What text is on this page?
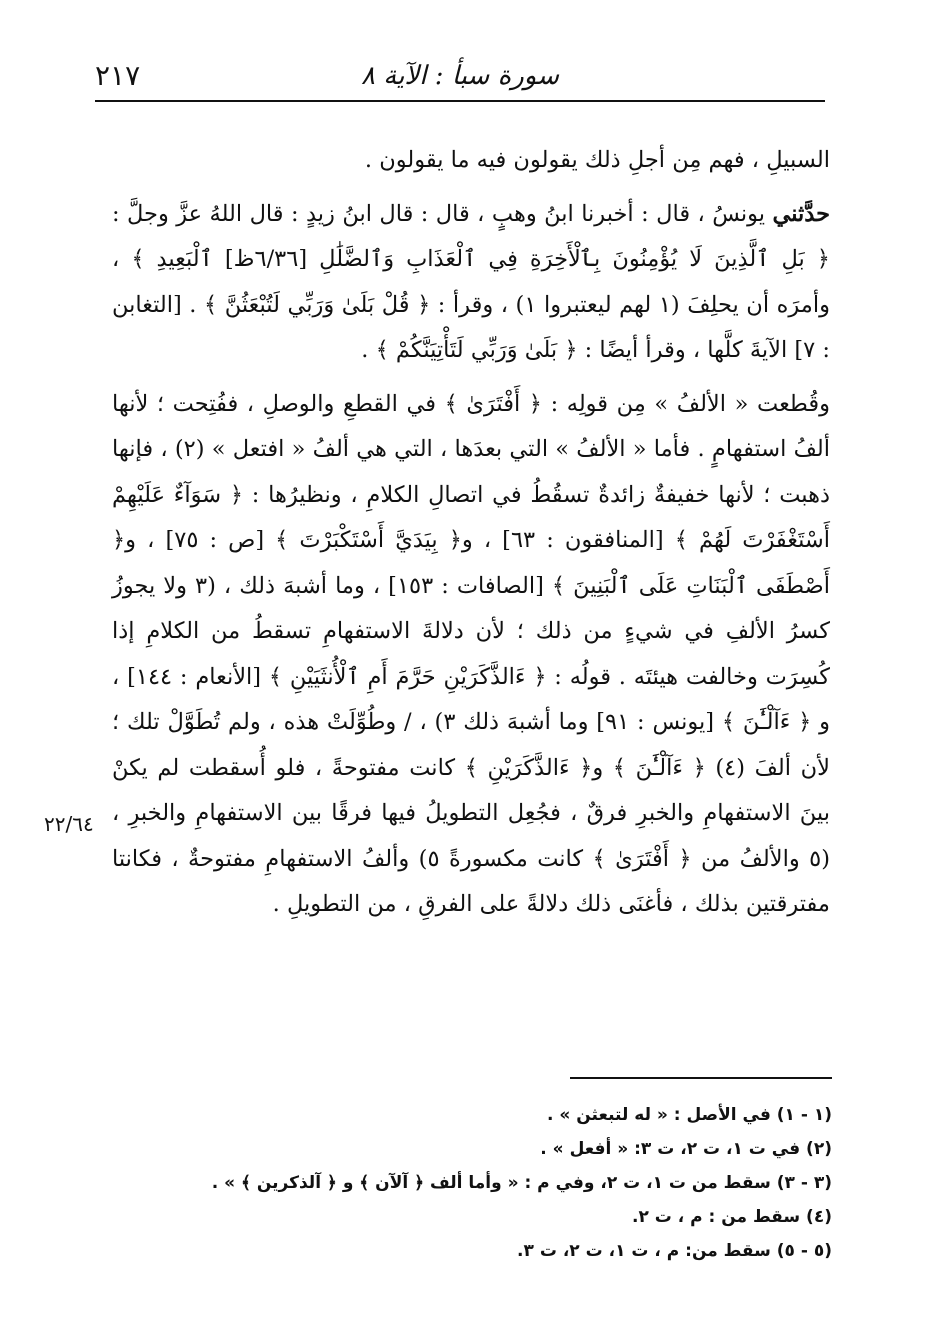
٢١٧	سورة سبأ : الآية ٨

السبيلِ ، فهم مِن أجلِ ذلك يقولون فيه ما يقولون .

حدَّثني يونسُ ، قال : أخبرنا ابنُ وهبٍ ، قال : قال ابنُ زيدٍ : قال اللهُ عزَّ وجلَّ : ﴿ بَلِ ٱلَّذِينَ لَا يُؤْمِنُونَ بِٱلْأَخِرَةِ فِي ٱلْعَذَابِ وَٱلضَّلَٰلِ [٦/٣٦ظ] ٱلْبَعِيدِ ﴾ ، وأمرَه أن يحلِفَ (١ لهم ليعتبروا ١) ، وقرأ : ﴿ قُلْ بَلَىٰ وَرَبِّي لَتُبْعَثُنَّ ﴾ . [التغابن : ٧] الآيةَ كلَّها ، وقرأ أيضًا : ﴿ بَلَىٰ وَرَبِّي لَتَأْتِيَنَّكُمْ ﴾ .

وقُطعت « الألفُ » مِن قولِه : ﴿ أَفْتَرَىٰ ﴾ في القطعِ والوصلِ ، ففُتِحت ؛ لأنها ألفُ استفهامٍ . فأما « الألفُ » التي بعدَها ، التي هي ألفُ « افتعل » (٢) ، فإنها ذهبت ؛ لأنها خفيفةٌ زائدةٌ تسقُطُ في اتصالِ الكلامِ ، ونظيرُها : ﴿ سَوَآءٌ عَلَيْهِمْ أَسْتَغْفَرْتَ لَهُمْ ﴾ [المنافقون : ٦٣] ، و﴿ بِيَدَيَّ أَسْتَكْبَرْتَ ﴾ [ص : ٧٥] ، و﴿ أَصْطَفَى ٱلْبَنَاتِ عَلَى ٱلْبَنِينَ ﴾ [الصافات : ١٥٣] ، وما أشبهَ ذلك ، (٣ ولا يجوزُ كسرُ الألفِ في شيءٍ من ذلك ؛ لأن دلالةَ الاستفهامِ تسقطُ من الكلامِ إذا كُسِرَت وخالفت هيئتَه . قولُه : ﴿ ءَالذَّكَرَيْنِ حَرَّمَ أَمِ ٱلْأُنثَيَيْنِ ﴾ [الأنعام : ١٤٤] ، و ﴿ ءَآلْـَٰٔنَ ﴾ [يونس : ٩١] وما أشبهَ ذلك ٣) ، / وطُوِّلَتْ هذه ، ولم تُطَوَّلْ تلك ؛ لأن ألفَ (٤) ﴿ ءَآلْـَٰٔنَ ﴾ و﴿ ءَالذَّكَرَيْنِ ﴾ كانت مفتوحةً ، فلو أُسقطت لم يكنْ بينَ الاستفهامِ والخبرِ فرقٌ ، فجُعِل التطويلُ فيها فرقًا بين الاستفهامِ والخبرِ ، (٥ والألفُ من ﴿ أَفْتَرَىٰ ﴾ كانت مكسورةً ٥) وألفُ الاستفهامِ مفتوحةٌ ، فكانتا مفترقتين بذلك ، فأغنَى ذلك دلالةً على الفرقِ ، من التطويلِ .

٢٢/٦٤
(١ - ١) في الأصل : « له لتبعثن » .
(٢) في ت ١، ت ٢، ت ٣: « أفعل » .
(٣ - ٣) سقط من ت ١، ت ٢، وفي م : « وأما ألف ﴿ آلآن ﴾ و ﴿ آلذكرين ﴾ » .
(٤) سقط من : م ، ت ٢.
(٥ - ٥) سقط من: م ، ت ١، ت ٢، ت ٣.
